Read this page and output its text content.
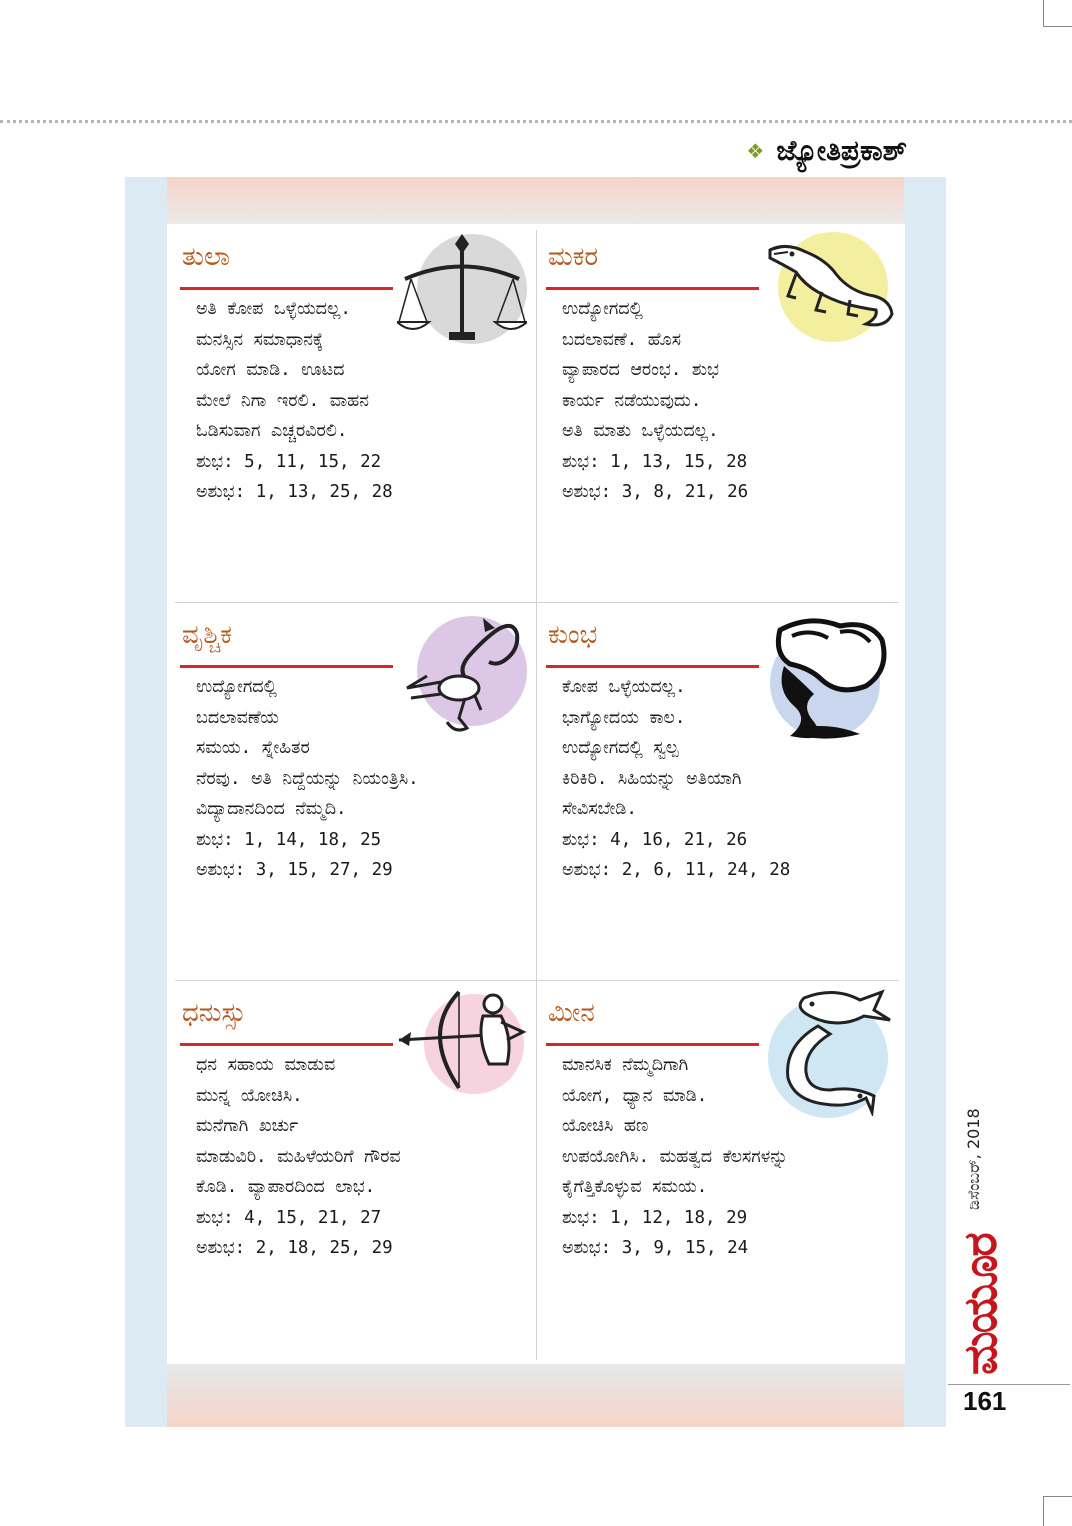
❖ ಜ್ಯೋತಿಪ್ರಕಾಶ್
ತುಲಾ
ಅತಿ ಕೋಪ ಒಳ್ಳೆಯದಲ್ಲ.
ಮನಸ್ಸಿನ ಸಮಾಧಾನಕ್ಕೆ
ಯೋಗ ಮಾಡಿ. ಊಟದ
ಮೇಲೆ ನಿಗಾ ಇರಲಿ. ವಾಹನ
ಓಡಿಸುವಾಗ ಎಚ್ಚರವಿರಲಿ.
ಶುಭ: 5, 11, 15, 22
ಅಶುಭ: 1, 13, 25, 28
ಮಕರ
ಉದ್ಯೋಗದಲ್ಲಿ
ಬದಲಾವಣೆ. ಹೊಸ
ವ್ಯಾಪಾರದ ಆರಂಭ. ಶುಭ
ಕಾರ್ಯ ನಡೆಯುವುದು.
ಅತಿ ಮಾತು ಒಳ್ಳೆಯದಲ್ಲ.
ಶುಭ: 1, 13, 15, 28
ಅಶುಭ: 3, 8, 21, 26
ವೃಶ್ಚಿಕ
ಉದ್ಯೋಗದಲ್ಲಿ
ಬದಲಾವಣೆಯ
ಸಮಯ. ಸ್ನೇಹಿತರ
ನೆರವು. ಅತಿ ನಿದ್ದೆಯನ್ನು ನಿಯಂತ್ರಿಸಿ.
ವಿದ್ಯಾದಾನದಿಂದ ನೆಮ್ಮದಿ.
ಶುಭ: 1, 14, 18, 25
ಅಶುಭ: 3, 15, 27, 29
ಕುಂಭ
ಕೋಪ ಒಳ್ಳೆಯದಲ್ಲ.
ಭಾಗ್ಯೋದಯ ಕಾಲ.
ಉದ್ಯೋಗದಲ್ಲಿ ಸ್ವಲ್ಪ
ಕಿರಿಕಿರಿ. ಸಿಹಿಯನ್ನು ಅತಿಯಾಗಿ
ಸೇವಿಸಬೇಡಿ.
ಶುಭ: 4, 16, 21, 26
ಅಶುಭ: 2, 6, 11, 24, 28
ಧನುಸ್ಸು
ಧನ ಸಹಾಯ ಮಾಡುವ
ಮುನ್ನ ಯೋಚಿಸಿ.
ಮನೆಗಾಗಿ ಖರ್ಚು
ಮಾಡುವಿರಿ. ಮಹಿಳೆಯರಿಗೆ ಗೌರವ
ಕೊಡಿ. ವ್ಯಾಪಾರದಿಂದ ಲಾಭ.
ಶುಭ: 4, 15, 21, 27
ಅಶುಭ: 2, 18, 25, 29
ಮೀನ
ಮಾನಸಿಕ ನೆಮ್ಮದಿಗಾಗಿ
ಯೋಗ, ಧ್ಯಾನ ಮಾಡಿ.
ಯೋಚಿಸಿ ಹಣ
ಉಪಯೋಗಿಸಿ. ಮಹತ್ವದ ಕೆಲಸಗಳನ್ನು
ಕೈಗೆತ್ತಿಕೊಳ್ಳುವ ಸಮಯ.
ಶುಭ: 1, 12, 18, 29
ಅಶುಭ: 3, 9, 15, 24
ಡಿಸೆಂಬರ್, 2018
ಮಯೂರ
161
